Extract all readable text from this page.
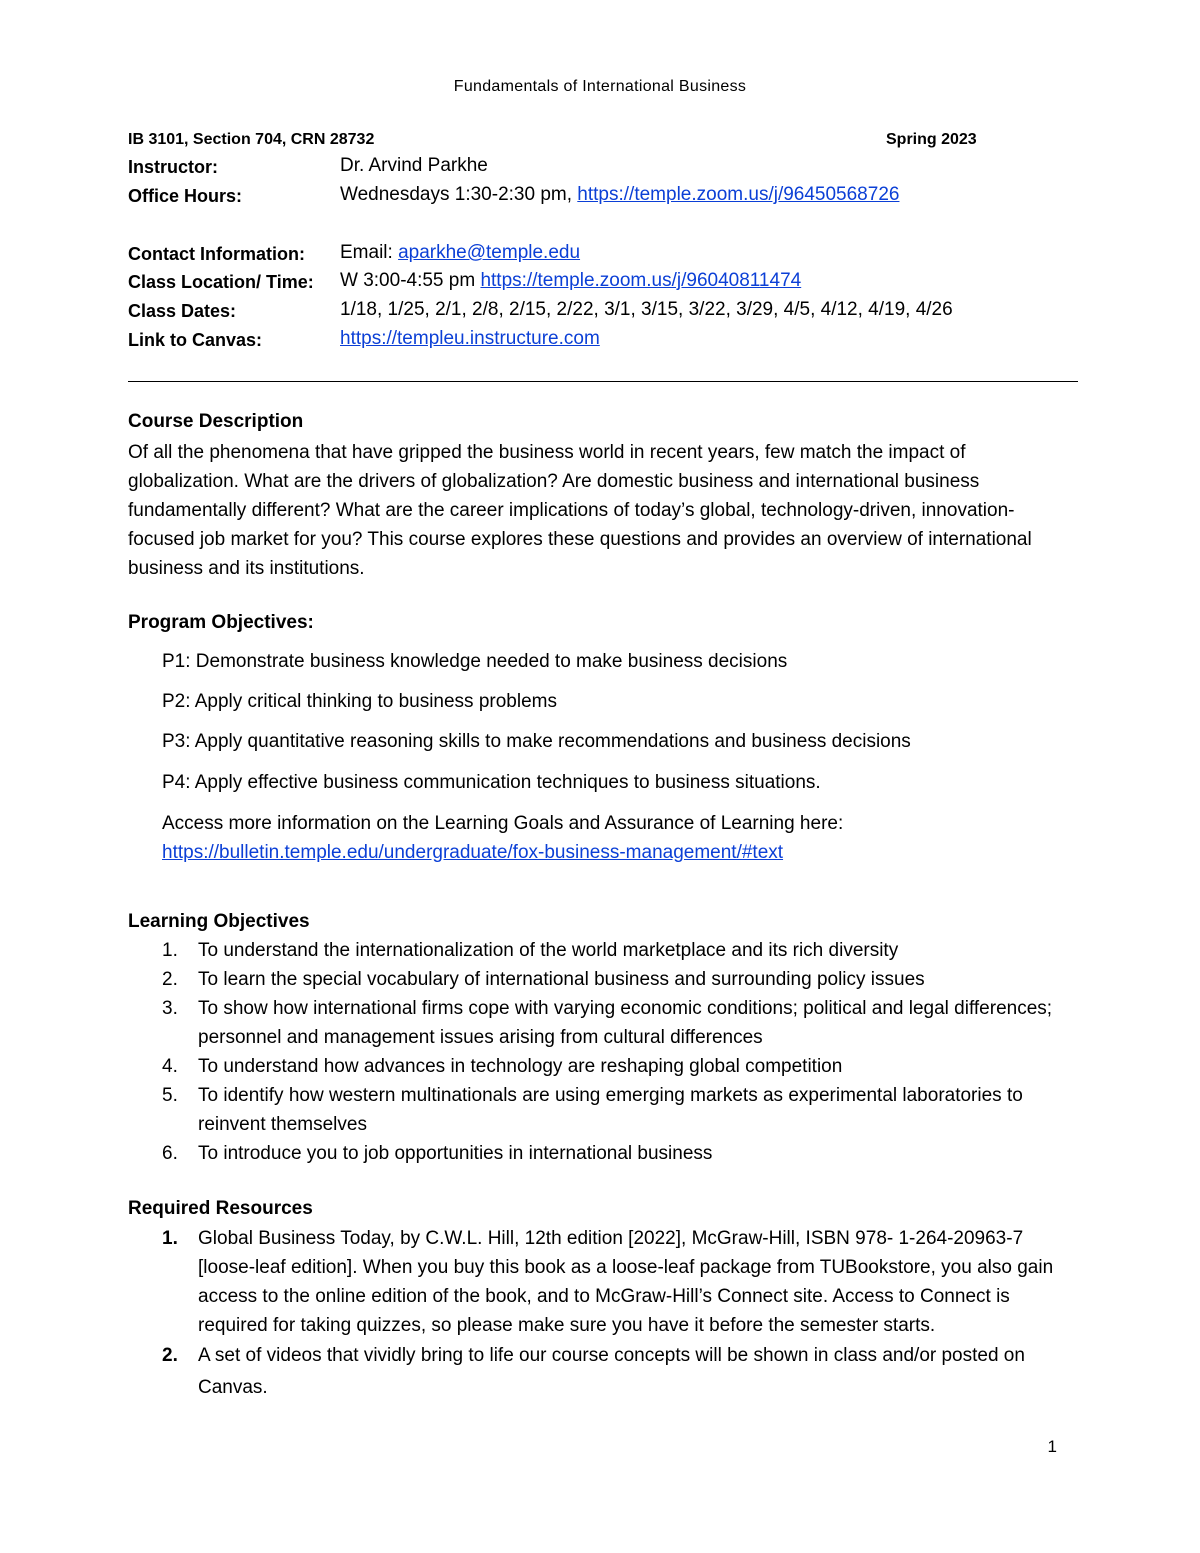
Fundamentals of International Business
IB 3101, Section 704, CRN 28732	Spring 2023
Instructor:	Dr. Arvind Parkhe
Office Hours:	Wednesdays 1:30-2:30 pm, https://temple.zoom.us/j/96450568726
Contact Information: Email: aparkhe@temple.edu
Class Location/ Time: W 3:00-4:55 pm https://temple.zoom.us/j/96040811474
Class Dates:	1/18, 1/25, 2/1, 2/8, 2/15, 2/22, 3/1, 3/15, 3/22, 3/29, 4/5, 4/12, 4/19, 4/26
Link to Canvas:	https://templeu.instructure.com
Course Description
Of all the phenomena that have gripped the business world in recent years, few match the impact of globalization. What are the drivers of globalization? Are domestic business and international business fundamentally different? What are the career implications of today’s global, technology-driven, innovation-focused job market for you? This course explores these questions and provides an overview of international business and its institutions.
Program Objectives:
P1: Demonstrate business knowledge needed to make business decisions
P2: Apply critical thinking to business problems
P3: Apply quantitative reasoning skills to make recommendations and business decisions
P4: Apply effective business communication techniques to business situations.
Access more information on the Learning Goals and Assurance of Learning here:
https://bulletin.temple.edu/undergraduate/fox-business-management/#text
Learning Objectives
1. To understand the internationalization of the world marketplace and its rich diversity
2. To learn the special vocabulary of international business and surrounding policy issues
3. To show how international firms cope with varying economic conditions; political and legal differences; personnel and management issues arising from cultural differences
4. To understand how advances in technology are reshaping global competition
5. To identify how western multinationals are using emerging markets as experimental laboratories to reinvent themselves
6. To introduce you to job opportunities in international business
Required Resources
1. Global Business Today, by C.W.L. Hill, 12th edition [2022], McGraw-Hill, ISBN 978- 1-264-20963-7 [loose-leaf edition]. When you buy this book as a loose-leaf package from TUBookstore, you also gain access to the online edition of the book, and to McGraw-Hill’s Connect site. Access to Connect is required for taking quizzes, so please make sure you have it before the semester starts.
2. A set of videos that vividly bring to life our course concepts will be shown in class and/or posted on Canvas.
1
